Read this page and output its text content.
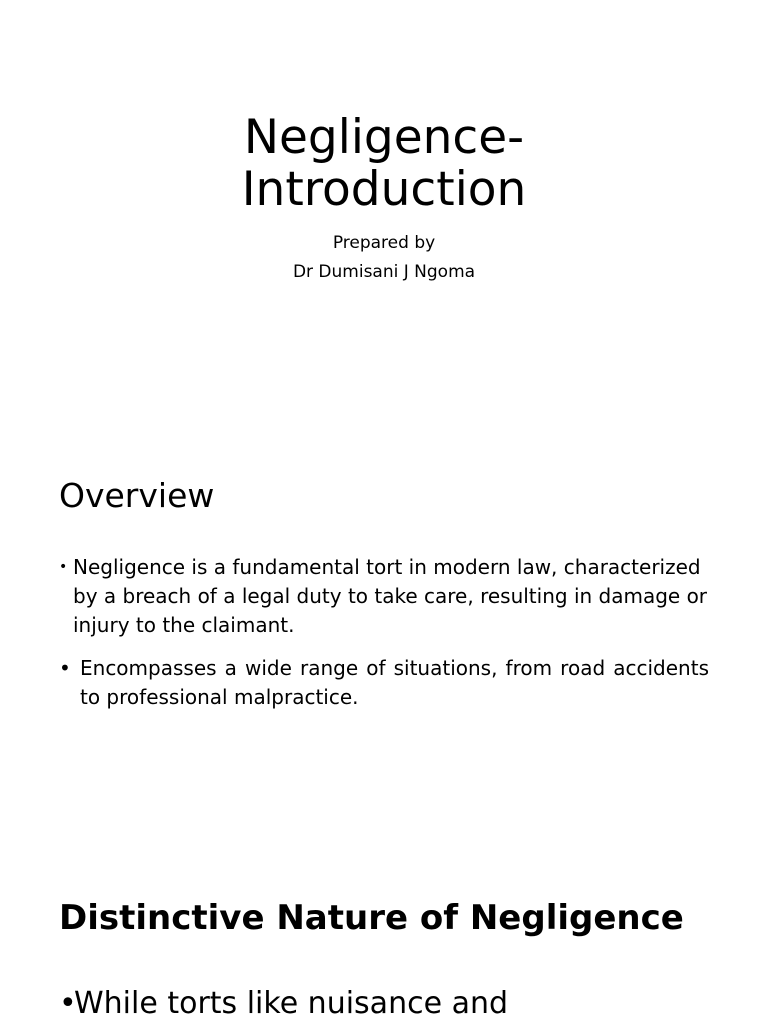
Negligence-
Introduction

Prepared by
Dr Dumisani J Ngoma

Overview
• Negligence is a fundamental tort in modern law, characterized by a breach of a legal duty to take care, resulting in damage or injury to the claimant.
• Encompasses a wide range of situations, from road accidents to professional malpractice.
Distinctive Nature of Negligence
•
While torts like nuisance and
